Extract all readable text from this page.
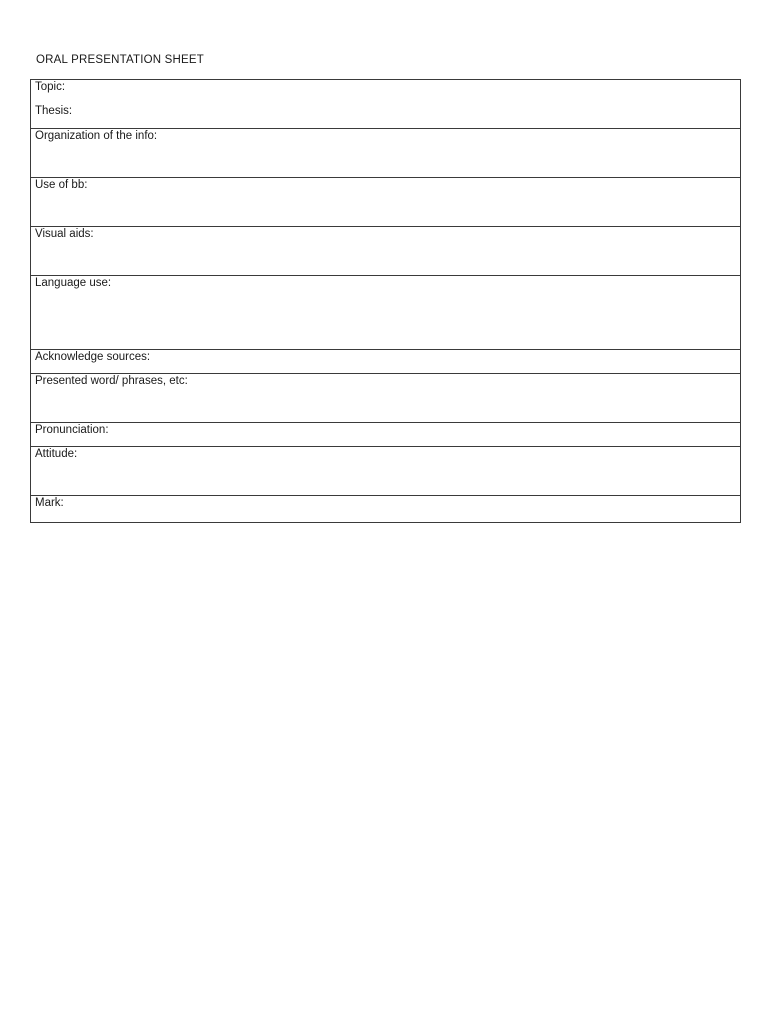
ORAL PRESENTATION SHEET
Topic:
Thesis:

Organization of the info:

Use of bb:

Visual aids:

Language use:

Acknowledge sources:

Presented word/ phrases, etc:

Pronunciation:

Attitude:

Mark:
